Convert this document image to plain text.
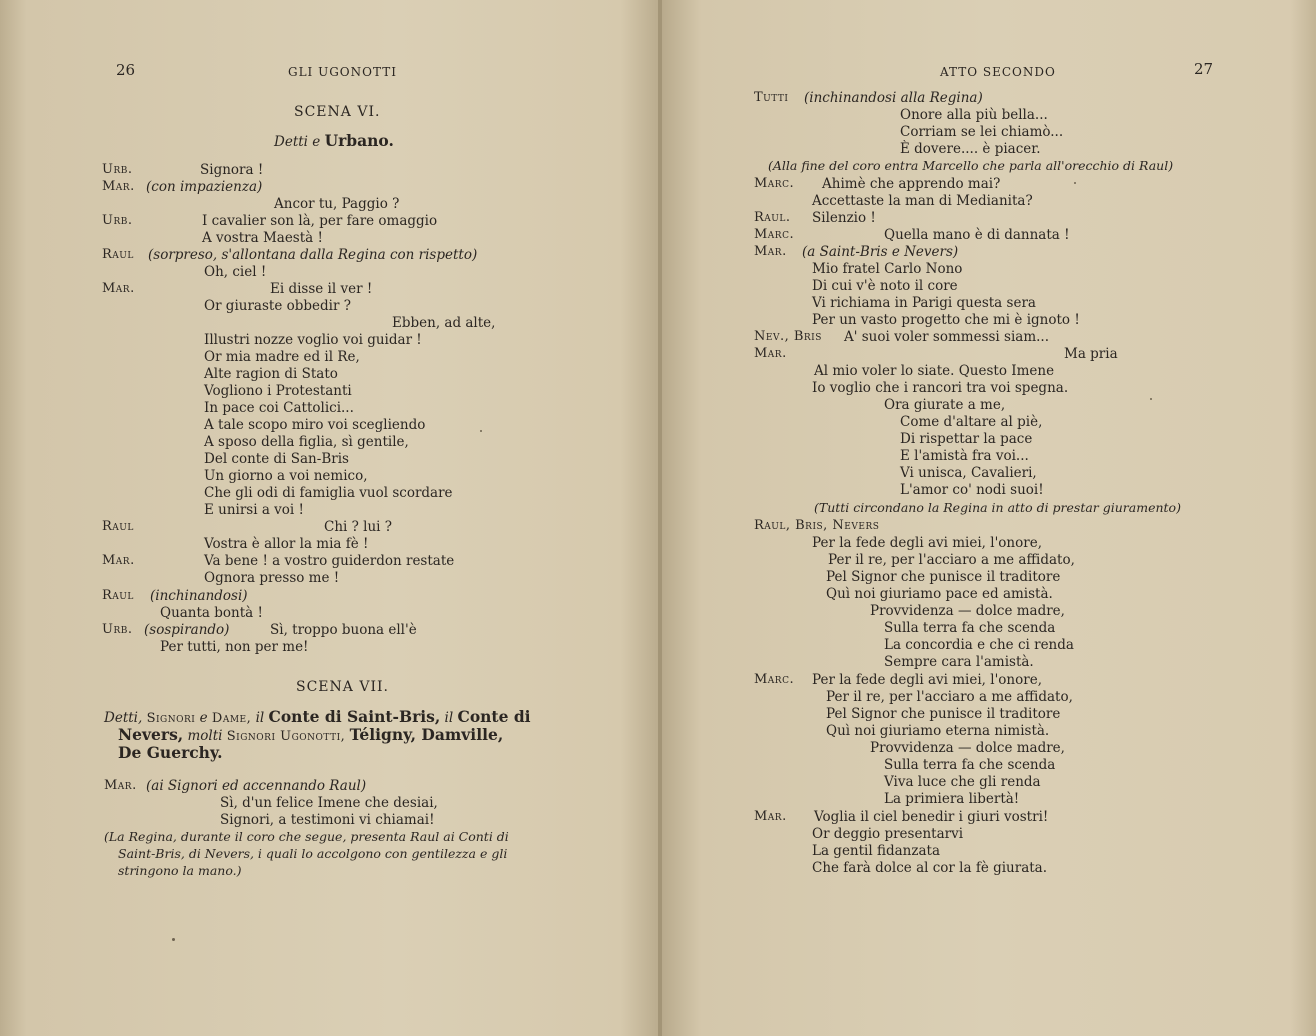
26	GLI UGONOTTI
SCENA VI.
Detti e Urbano.
Urb.	Signora !
Mar. (con impazienza)
Ancor tu, Paggio ?
Urb.	I cavalier son là, per fare omaggio
A vostra Maestà !
Raul (sorpreso, s'allontana dalla Regina con rispetto)
Oh, ciel !
Mar.	Ei disse il ver !
Or giuraste obbedir ?
Ebben, ad alte,
Illustri nozze voglio voi guidar !
Or mia madre ed il Re,
Alte ragion di Stato
Vogliono i Protestanti
In pace coi Cattolici...
A tale scopo miro voi scegliendo
A sposo della figlia, sì gentile,
Del conte di San-Bris
Un giorno a voi nemico,
Che gli odi di famiglia vuol scordare
E unirsi a voi !
Raul	Chi ? lui ?
Vostra è allor la mia fè !
Mar.	Va bene ! a vostro guiderdon restate
Ognora presso me !
Raul (inchinandosi)
Quanta bontà !
Urb. (sospirando)	Sì, troppo buona ell'è
Per tutti, non per me!
SCENA VII.
Detti, Signori e Dame, il Conte di Saint-Bris, il Conte di
Nevers, molti Signori Ugonotti, Téligny, Damville,
De Guerchy.
Mar. (ai Signori ed accennando Raul)
Sì, d'un felice Imene che desiai,
Signori, a testimoni vi chiamai!
(La Regina, durante il coro che segue, presenta Raul ai Conti di
Saint-Bris, di Nevers, i quali lo accolgono con gentilezza e gli
stringono la mano.)
ATTO SECONDO	27
Tutti (inchinandosi alla Regina)
Onore alla più bella...
Corriam se lei chiamò...
È dovere.... è piacer.
(Alla fine del coro entra Marcello che parla all'orecchio di Raul)
Marc. Ahimè che apprendo mai?
Accettaste la man di Medianita?
Raul. Silenzio !
Marc.	Quella mano è di dannata !
Mar. (a Saint-Bris e Nevers)
Mio fratel Carlo Nono
Di cui v'è noto il core
Vi richiama in Parigi questa sera
Per un vasto progetto che mi è ignoto !
Nev., Bris A' suoi voler sommessi siam...
Mar.	Ma pria
Al mio voler lo siate. Questo Imene
Io voglio che i rancori tra voi spegna.
Ora giurate a me,
Come d'altare al piè,
Di rispettar la pace
E l'amistà fra voi...
Vi unisca, Cavalieri,
L'amor co' nodi suoi!
(Tutti circondano la Regina in atto di prestar giuramento)
Raul, Bris, Nevers
Per la fede degli avi miei, l'onore,
Per il re, per l'acciaro a me affidato,
Pel Signor che punisce il traditore
Quì noi giuriamo pace ed amistà.
Provvidenza — dolce madre,
Sulla terra fa che scenda
La concordia e che ci renda
Sempre cara l'amistà.
Marc. Per la fede degli avi miei, l'onore,
Per il re, per l'acciaro a me affidato,
Pel Signor che punisce il traditore
Quì noi giuriamo eterna nimistà.
Provvidenza — dolce madre,
Sulla terra fa che scenda
Viva luce che gli renda
La primiera libertà!
Mar. Voglia il ciel benedir i giuri vostri!
Or deggio presentarvi
La gentil fidanzata
Che farà dolce al cor la fè giurata.
